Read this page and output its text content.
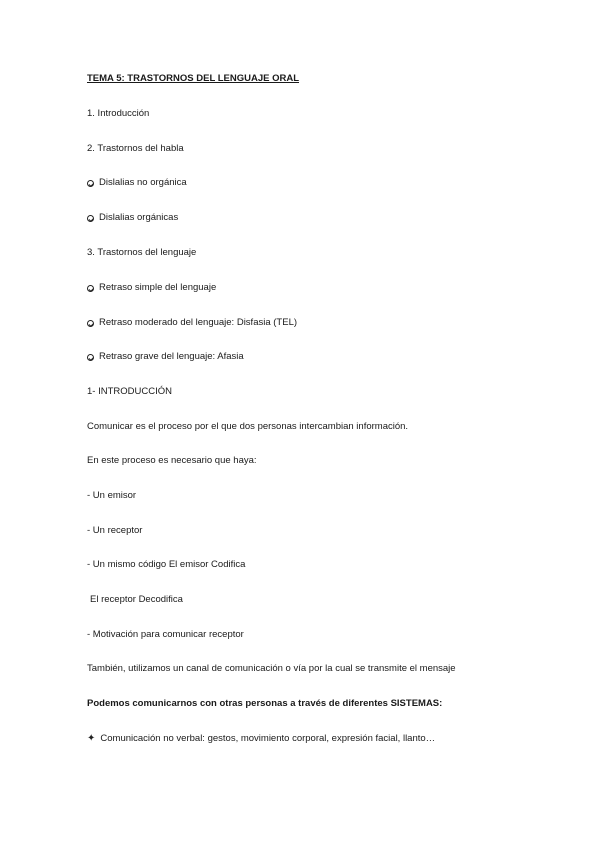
TEMA 5: TRASTORNOS DEL LENGUAJE ORAL
1. Introducción
2. Trastornos del habla
Dislalias no orgánica
Dislalias orgánicas
3. Trastornos del lenguaje
Retraso simple del lenguaje
Retraso moderado del lenguaje: Disfasia (TEL)
Retraso grave del lenguaje: Afasia
1- INTRODUCCIÓN
Comunicar es el proceso por el que dos personas intercambian información.
En este proceso es necesario que haya:
- Un emisor
- Un receptor
- Un mismo código El emisor Codifica
El receptor Decodifica
- Motivación para comunicar receptor
También, utilizamos un canal de comunicación o vía por la cual se transmite el mensaje
Podemos comunicarnos con otras personas a través de diferentes SISTEMAS:
✦ Comunicación no verbal: gestos, movimiento corporal, expresión facial, llanto…
